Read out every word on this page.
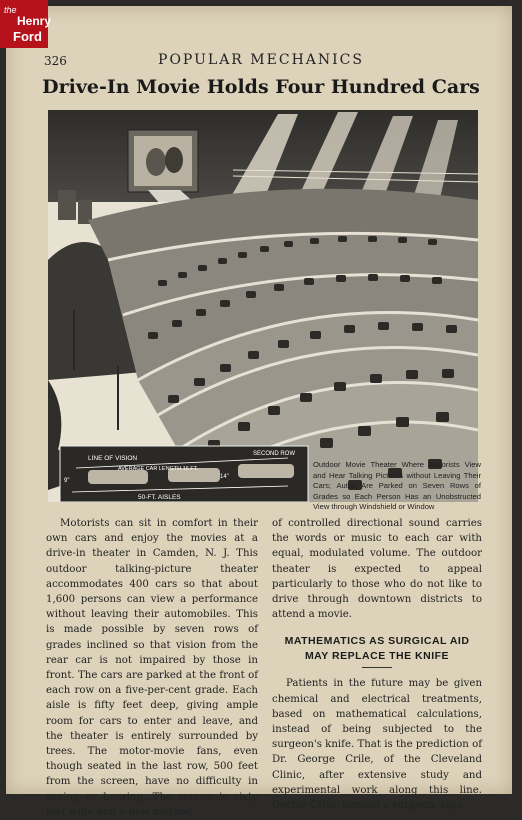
the
Henry
Ford
326	POPULAR MECHANICS
Drive-In Movie Holds Four Hundred Cars
LINE OF VISION
SECOND ROW
AVERAGE CAR LENGTH 16 FT.
9"
14"
50-FT. AISLES
Outdoor Movie Theater Where Motorists View and Hear Talking Pictures without Leaving Their Cars; Autos Are Parked on Seven Rows of Grades so Each Person Has an Unobstructed View through Windshield or Window

Motorists can sit in comfort in their own cars and enjoy the movies at a drive-in theater in Camden, N. J. This outdoor talking-picture theater accommodates 400 cars so that about 1,600 persons can view a performance without leaving their automobiles. This is made possible by seven rows of grades inclined so that vision from the rear car is not impaired by those in front. The cars are parked at the front of each row on a five-per-cent grade. Each aisle is fifty feet deep, giving ample room for cars to enter and leave, and the theater is entirely surrounded by trees. The motor-movie fans, even though seated in the last row, 500 feet from the screen, have no difficulty in seeing or hearing. The screen is sixty feet wide and a new method

of controlled directional sound carries the words or music to each car with equal, modulated volume. The outdoor theater is expected to appeal particularly to those who do not like to drive through downtown districts to attend a movie.

MATHEMATICS AS SURGICAL AID MAY REPLACE THE KNIFE

Patients in the future may be given chemical and electrical treatments, based on mathematical calculations, instead of being subjected to the surgeon's knife. That is the prediction of Dr. George Crile, of the Cleveland Clinic, after extensive study and experimental work along this line. Doctor Crile, himself a surgeon, says
